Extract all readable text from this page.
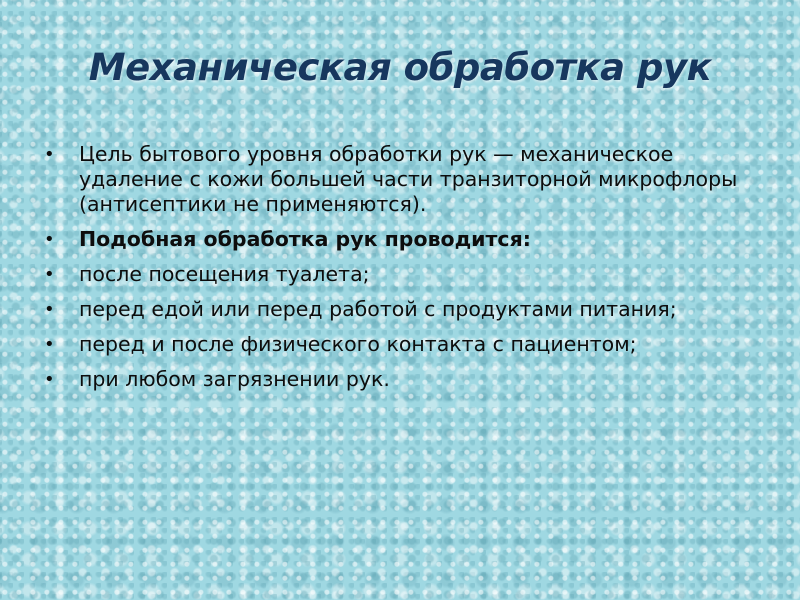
Механическая обработка рук
• Цель бытового уровня обработки рук — механическое удаление с кожи большей части транзиторной микрофлоры (антисептики не применяются).
• Подобная обработка рук проводится:
• после посещения туалета;
• перед едой или перед работой с продуктами питания;
• перед и после физического контакта с пациентом;
• при любом загрязнении рук.
